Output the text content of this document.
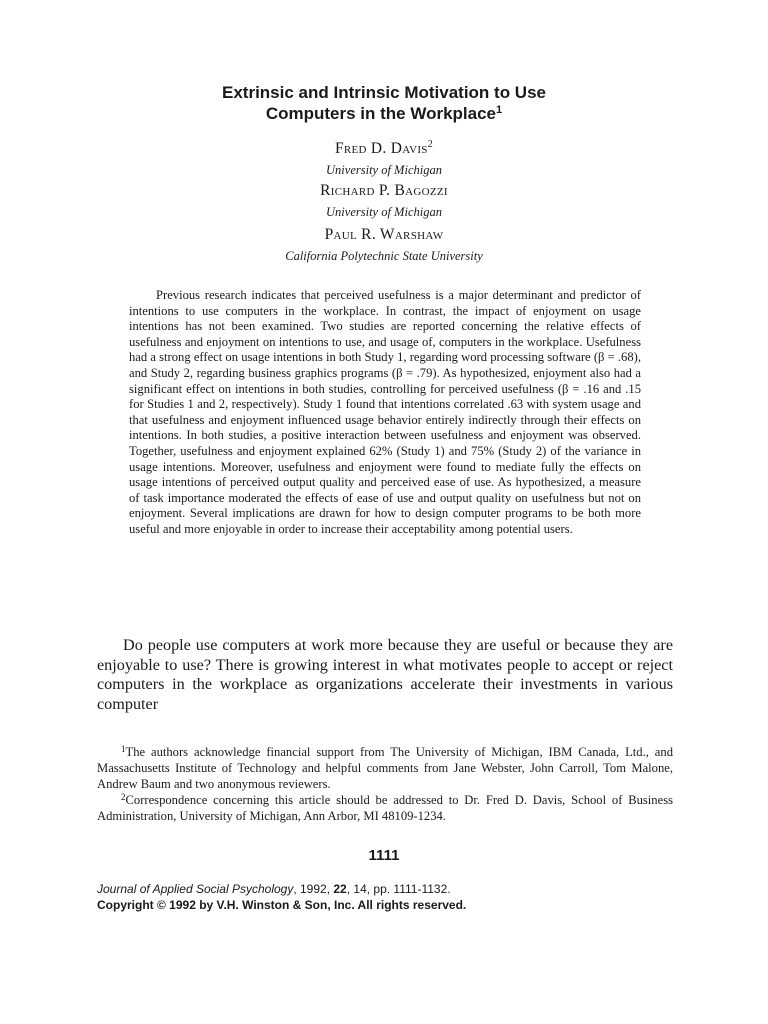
Extrinsic and Intrinsic Motivation to Use
Computers in the Workplace$^1$
Fred D. Davis$^2$
University of Michigan
Richard P. Bagozzi
University of Michigan
Paul R. Warshaw
California Polytechnic State University

Previous research indicates that perceived usefulness is a major determinant and predictor of intentions to use computers in the workplace. In contrast, the impact of enjoyment on usage intentions has not been examined. Two studies are reported concerning the relative effects of usefulness and enjoyment on intentions to use, and usage of, computers in the workplace. Usefulness had a strong effect on usage intentions in both Study 1, regarding word processing software (β = .68), and Study 2, regarding business graphics programs (β = .79). As hypothesized, enjoyment also had a significant effect on intentions in both studies, controlling for perceived usefulness (β = .16 and .15 for Studies 1 and 2, respectively). Study 1 found that intentions correlated .63 with system usage and that usefulness and enjoyment influenced usage behavior entirely indirectly through their effects on intentions. In both studies, a positive interaction between usefulness and enjoyment was observed. Together, usefulness and enjoyment explained 62% (Study 1) and 75% (Study 2) of the variance in usage intentions. Moreover, usefulness and enjoyment were found to mediate fully the effects on usage intentions of perceived output quality and perceived ease of use. As hypothesized, a measure of task importance moderated the effects of ease of use and output quality on usefulness but not on enjoyment. Several implications are drawn for how to design computer programs to be both more useful and more enjoyable in order to increase their acceptability among potential users.

Do people use computers at work more because they are useful or because they are enjoyable to use? There is growing interest in what motivates people to accept or reject computers in the workplace as organizations accelerate their investments in various computer

$^1$The authors acknowledge financial support from The University of Michigan, IBM Canada, Ltd., and Massachusetts Institute of Technology and helpful comments from Jane Webster, John Carroll, Tom Malone, Andrew Baum and two anonymous reviewers.

$^2$Correspondence concerning this article should be addressed to Dr. Fred D. Davis, School of Business Administration, University of Michigan, Ann Arbor, MI 48109-1234.

1111
Journal of Applied Social Psychology, 1992, 22, 14, pp. 1111-1132.
Copyright © 1992 by V.H. Winston & Son, Inc. All rights reserved.
